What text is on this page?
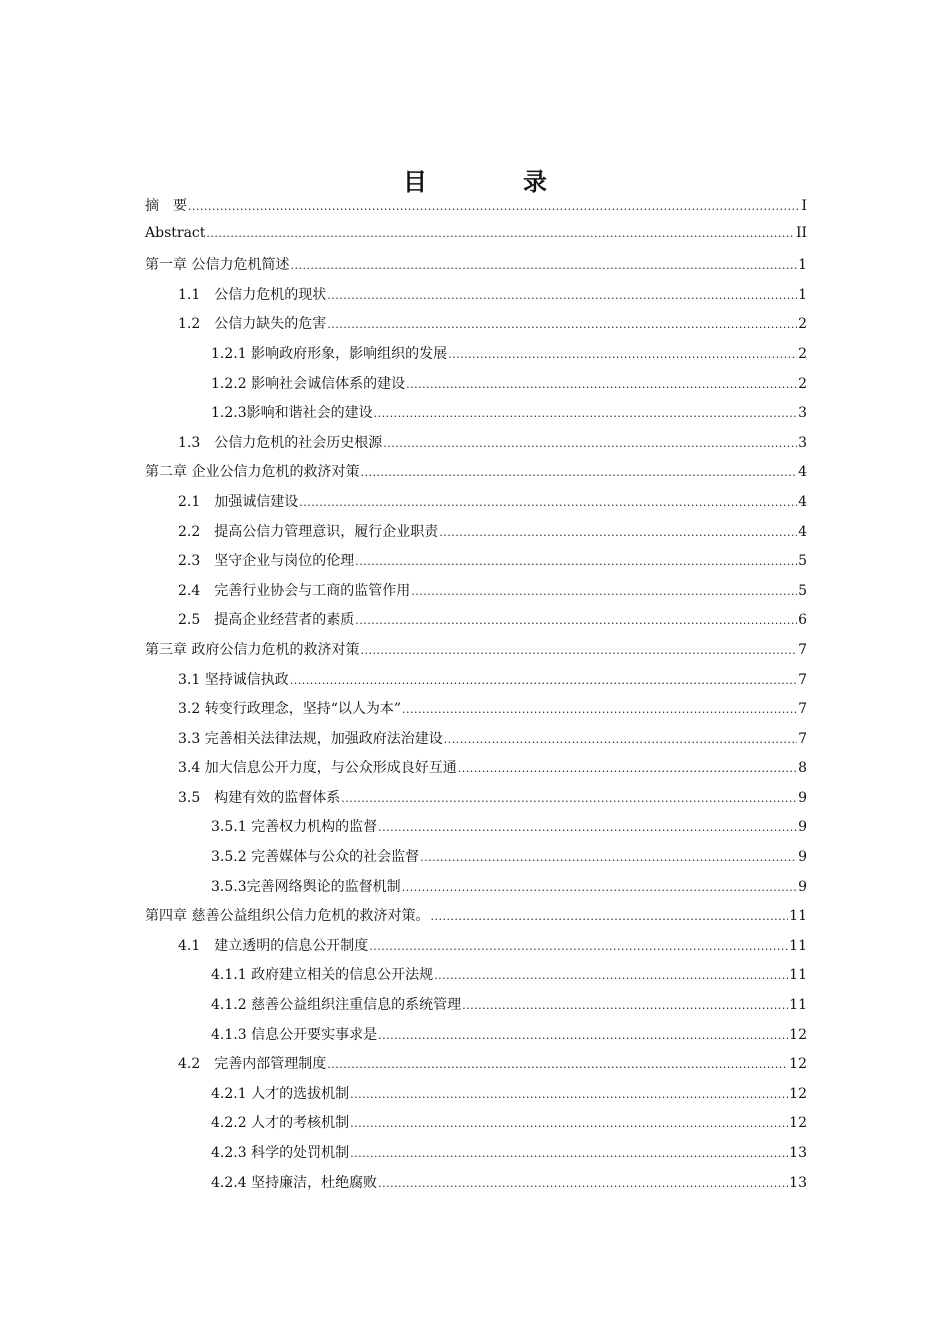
目　录
摘　要 .....	I
Abstract .....	II
第一章 公信力危机简述 .....	1
1.1　公信力危机的现状 .....	1
1.2　公信力缺失的危害 .....	2
1.2.1 影响政府形象，影响组织的发展 .....	2
1.2.2 影响社会诚信体系的建设 .....	2
1.2.3影响和谐社会的建设 .....	3
1.3　公信力危机的社会历史根源 .....	3
第二章 企业公信力危机的救济对策 .....	4
2.1　加强诚信建设 .....	4
2.2　提高公信力管理意识，履行企业职责 .....	4
2.3　坚守企业与岗位的伦理 .....	5
2.4　完善行业协会与工商的监管作用 .....	5
2.5　提高企业经营者的素质 .....	6
第三章 政府公信力危机的救济对策 .....	7
3.1 坚持诚信执政 .....	7
3.2 转变行政理念，坚持“以人为本” .....	7
3.3 完善相关法律法规，加强政府法治建设 .....	7
3.4 加大信息公开力度，与公众形成良好互通 .....	8
3.5　构建有效的监督体系 .....	9
3.5.1 完善权力机构的监督 .....	9
3.5.2 完善媒体与公众的社会监督 .....	9
3.5.3完善网络舆论的监督机制 .....	9
第四章 慈善公益组织公信力危机的救济对策。 .....	11
4.1　建立透明的信息公开制度 .....	11
4.1.1 政府建立相关的信息公开法规 .....	11
4.1.2 慈善公益组织注重信息的系统管理 .....	11
4.1.3 信息公开要实事求是 .....	12
4.2　完善内部管理制度 .....	12
4.2.1 人才的选拔机制 .....	12
4.2.2 人才的考核机制 .....	12
4.2.3 科学的处罚机制 .....	13
4.2.4 坚持廉洁，杜绝腐败 .....	13
